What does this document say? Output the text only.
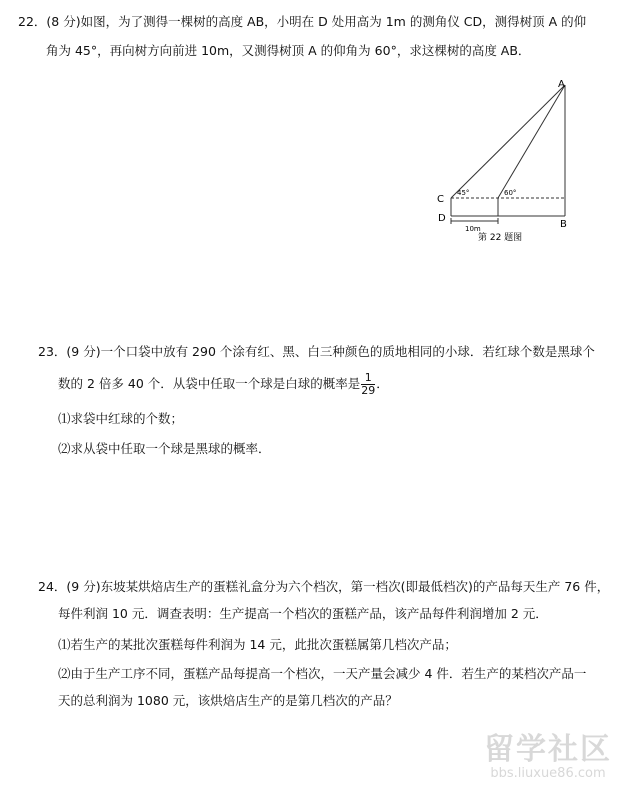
22．(8 分)如图，为了测得一棵树的高度 AB，小明在 D 处用高为 1m 的测角仪 CD，测得树顶 A 的仰
角为 45°，再向树方向前进 10m，又测得树顶 A 的仰角为 60°，求这棵树的高度 AB．
A
C
D
B
45°	60°
10m
第 22 题图
23．(9 分)一个口袋中放有 290 个涂有红、黑、白三种颜色的质地相同的小球．若红球个数是黑球个
数的 2 倍多 40 个．从袋中任取一个球是白球的概率是 $\frac{1}{29}$ ．
⑴求袋中红球的个数；
⑵求从袋中任取一个球是黑球的概率．
24．(9 分)东坡某烘焙店生产的蛋糕礼盒分为六个档次，第一档次(即最低档次)的产品每天生产 76 件，
每件利润 10 元．调查表明：生产提高一个档次的蛋糕产品，该产品每件利润增加 2 元．
⑴若生产的某批次蛋糕每件利润为 14 元，此批次蛋糕属第几档次产品；
⑵由于生产工序不同，蛋糕产品每提高一个档次，一天产量会减少 4 件．若生产的某档次产品一
天的总利润为 1080 元，该烘焙店生产的是第几档次的产品？
留学社区
bbs.liuxue86.com
